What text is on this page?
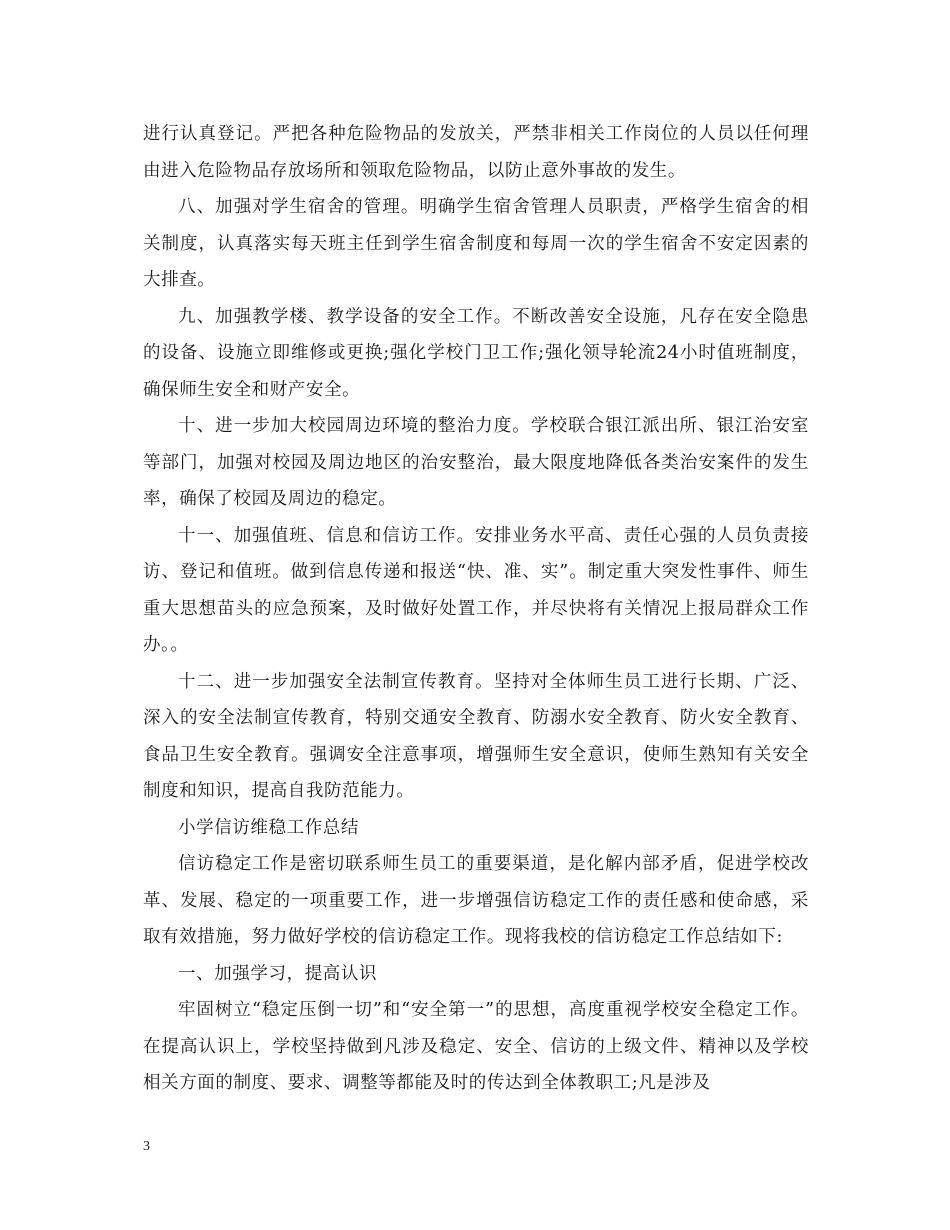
进行认真登记。严把各种危险物品的发放关，严禁非相关工作岗位的人员以任何理由进入危险物品存放场所和领取危险物品，以防止意外事故的发生。

八、加强对学生宿舍的管理。明确学生宿舍管理人员职责，严格学生宿舍的相关制度，认真落实每天班主任到学生宿舍制度和每周一次的学生宿舍不安定因素的大排查。

九、加强教学楼、教学设备的安全工作。不断改善安全设施，凡存在安全隐患的设备、设施立即维修或更换;强化学校门卫工作;强化领导轮流24小时值班制度，确保师生安全和财产安全。

十、进一步加大校园周边环境的整治力度。学校联合银江派出所、银江治安室等部门，加强对校园及周边地区的治安整治，最大限度地降低各类治安案件的发生率，确保了校园及周边的稳定。

十一、加强值班、信息和信访工作。安排业务水平高、责任心强的人员负责接访、登记和值班。做到信息传递和报送“快、准、实”。制定重大突发性事件、师生重大思想苗头的应急预案，及时做好处置工作，并尽快将有关情况上报局群众工作办。。

十二、进一步加强安全法制宣传教育。坚持对全体师生员工进行长期、广泛、深入的安全法制宣传教育，特别交通安全教育、防溺水安全教育、防火安全教育、食品卫生安全教育。强调安全注意事项，增强师生安全意识，使师生熟知有关安全制度和知识，提高自我防范能力。

小学信访维稳工作总结

信访稳定工作是密切联系师生员工的重要渠道，是化解内部矛盾，促进学校改革、发展、稳定的一项重要工作，进一步增强信访稳定工作的责任感和使命感，采取有效措施，努力做好学校的信访稳定工作。现将我校的信访稳定工作总结如下:

一、加强学习，提高认识

牢固树立“稳定压倒一切”和“安全第一”的思想，高度重视学校安全稳定工作。在提高认识上，学校坚持做到凡涉及稳定、安全、信访的上级文件、精神以及学校相关方面的制度、要求、调整等都能及时的传达到全体教职工;凡是涉及

3
